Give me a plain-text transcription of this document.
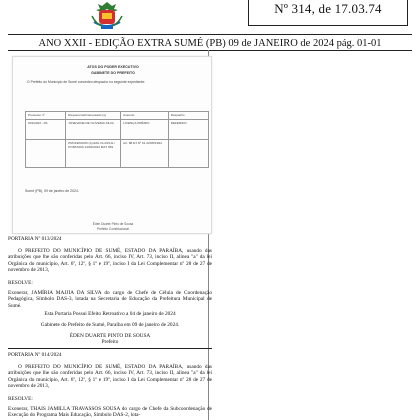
Nº 314, de 17.03.74
ANO XXII - EDIÇÃO EXTRA SUMÉ (PB) 09 de JANEIRO de 2024 pág. 01-01
ATOS DO PODER EXECUTIVO
GABINETE DO PREFEITO
O Prefeito do Município de Sumé concedeu despacho no seguinte expediente:
Processo nº	Requerente/Interessado (s)	Assunto	Despacho
001/2024 - PA	JOSEVANE DE OLIVEIRA SILVA	LICENÇA PRÊMIO	DEFERIDO
	PROFESSOR (A) EDL CLASS E / PORTARIA 14/02/2024 MAT 359	Art. 88 RJ Nº 01 22/05/1994	
Sumé (PB), 09 de janeiro de 2024.
Éden Duarte Pinto de Sousa
Prefeito Constitucional
PORTARIA Nº 013/2024
O PREFEITO DO MUNICÍPIO DE SUMÉ, ESTADO DA PARAÍBA, usando das atribuições que lhe são conferidas pelo Art. 66, inciso IV, Art. 73, inciso II, alínea "a" da lei Orgânica do município, Art. 6º, 12º, § 1º e 19º, inciso I da Lei Complementar nº 28 de 27 de novembro de 2013,
RESOLVE:
Exonerar, JAMÍRIA MAJJIA DA SILVA do cargo de Chefe de Célula de Coordenação Pedagógica, Símbolo DAS-3, lotada na Secretaria de Educação da Prefeitura Municipal de Sumé.
Esta Portaria Possui Efeito Retroativo a 04 de janeiro de 2024
Gabinete do Prefeito de Sumé, Paraíba em 09 de janeiro de 2024.
ÉDEN DUARTE PINTO DE SOUSA
Prefeito
PORTARIA Nº 014/2024
O PREFEITO DO MUNICÍPIO DE SUMÉ, ESTADO DA PARAÍBA, usando das atribuições que lhe são conferidas pelo Art. 66, inciso IV, Art. 73, inciso II, alínea "a" da lei Orgânica do município, Art. 6º, 12º, § 1º e 19º, inciso I da Lei Complementar nº 28 de 27 de novembro de 2013,
RESOLVE:
Exonerar, THAIS JAMILLA TRAVASSOS SOUSA do cargo de Chefe da Subcoordenação de Execução do Programa Mais Educação, Símbolo DAS-2, lota-
